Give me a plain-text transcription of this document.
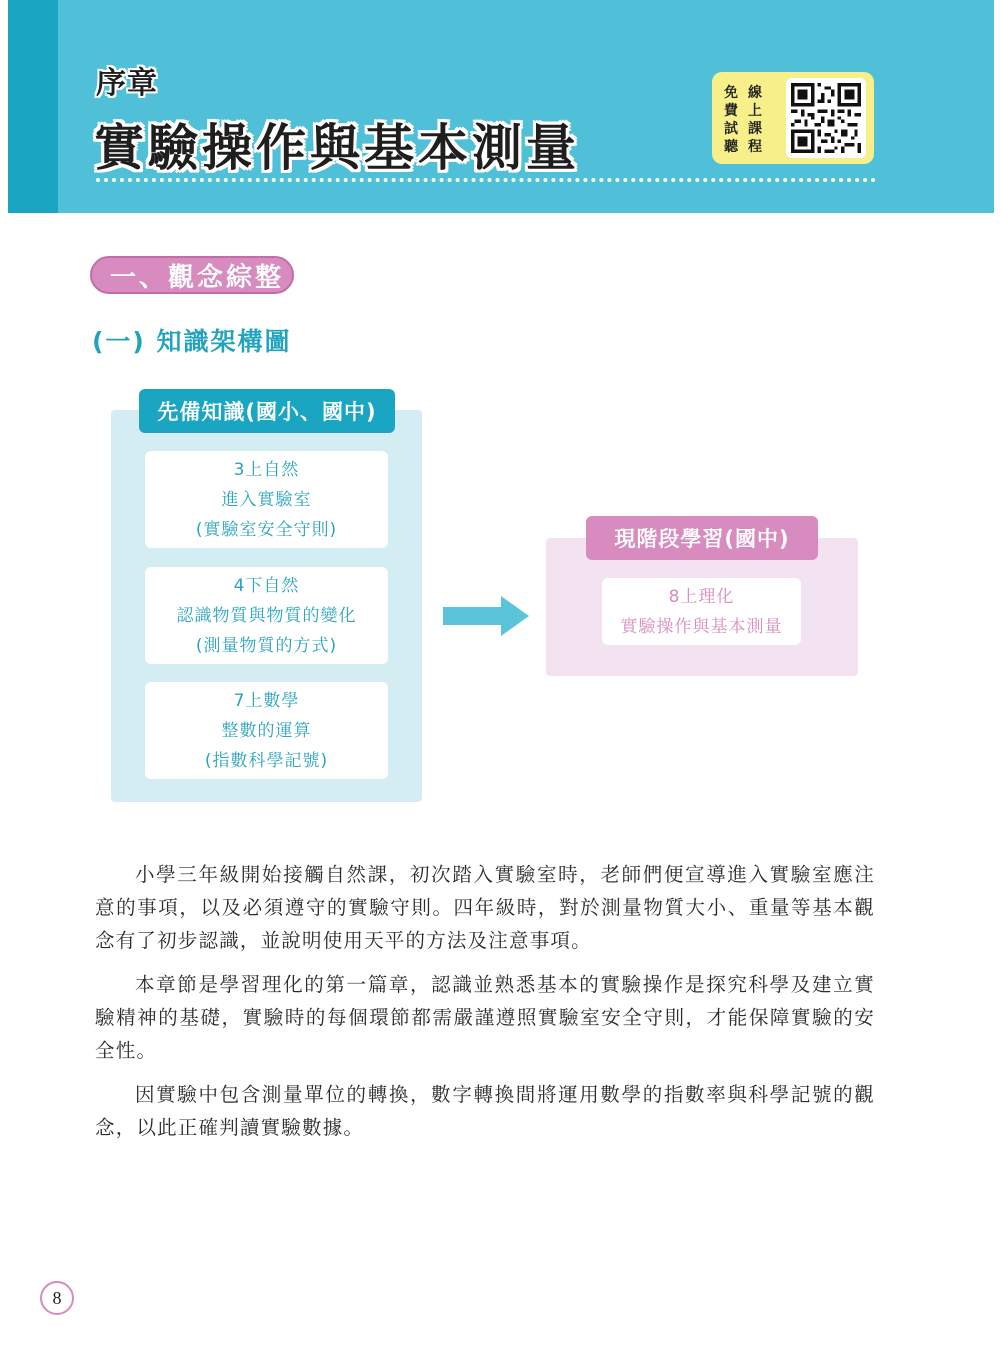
序章
實驗操作與基本測量
免
費
試
聽
線
上
課
程
一、觀念綜整
(一) 知識架構圖
先備知識(國小、國中)
3上自然
進入實驗室
(實驗室安全守則)
4下自然
認識物質與物質的變化
(測量物質的方式)
7上數學
整數的運算
(指數科學記號)
現階段學習(國中)
8上理化
實驗操作與基本測量

小學三年級開始接觸自然課，初次踏入實驗室時，老師們便宣導進入實驗室應注意的事項，以及必須遵守的實驗守則。四年級時，對於測量物質大小、重量等基本觀念有了初步認識，並說明使用天平的方法及注意事項。

本章節是學習理化的第一篇章，認識並熟悉基本的實驗操作是探究科學及建立實驗精神的基礎，實驗時的每個環節都需嚴謹遵照實驗室安全守則，才能保障實驗的安全性。

因實驗中包含測量單位的轉換，數字轉換間將運用數學的指數率與科學記號的觀念，以此正確判讀實驗數據。

8
